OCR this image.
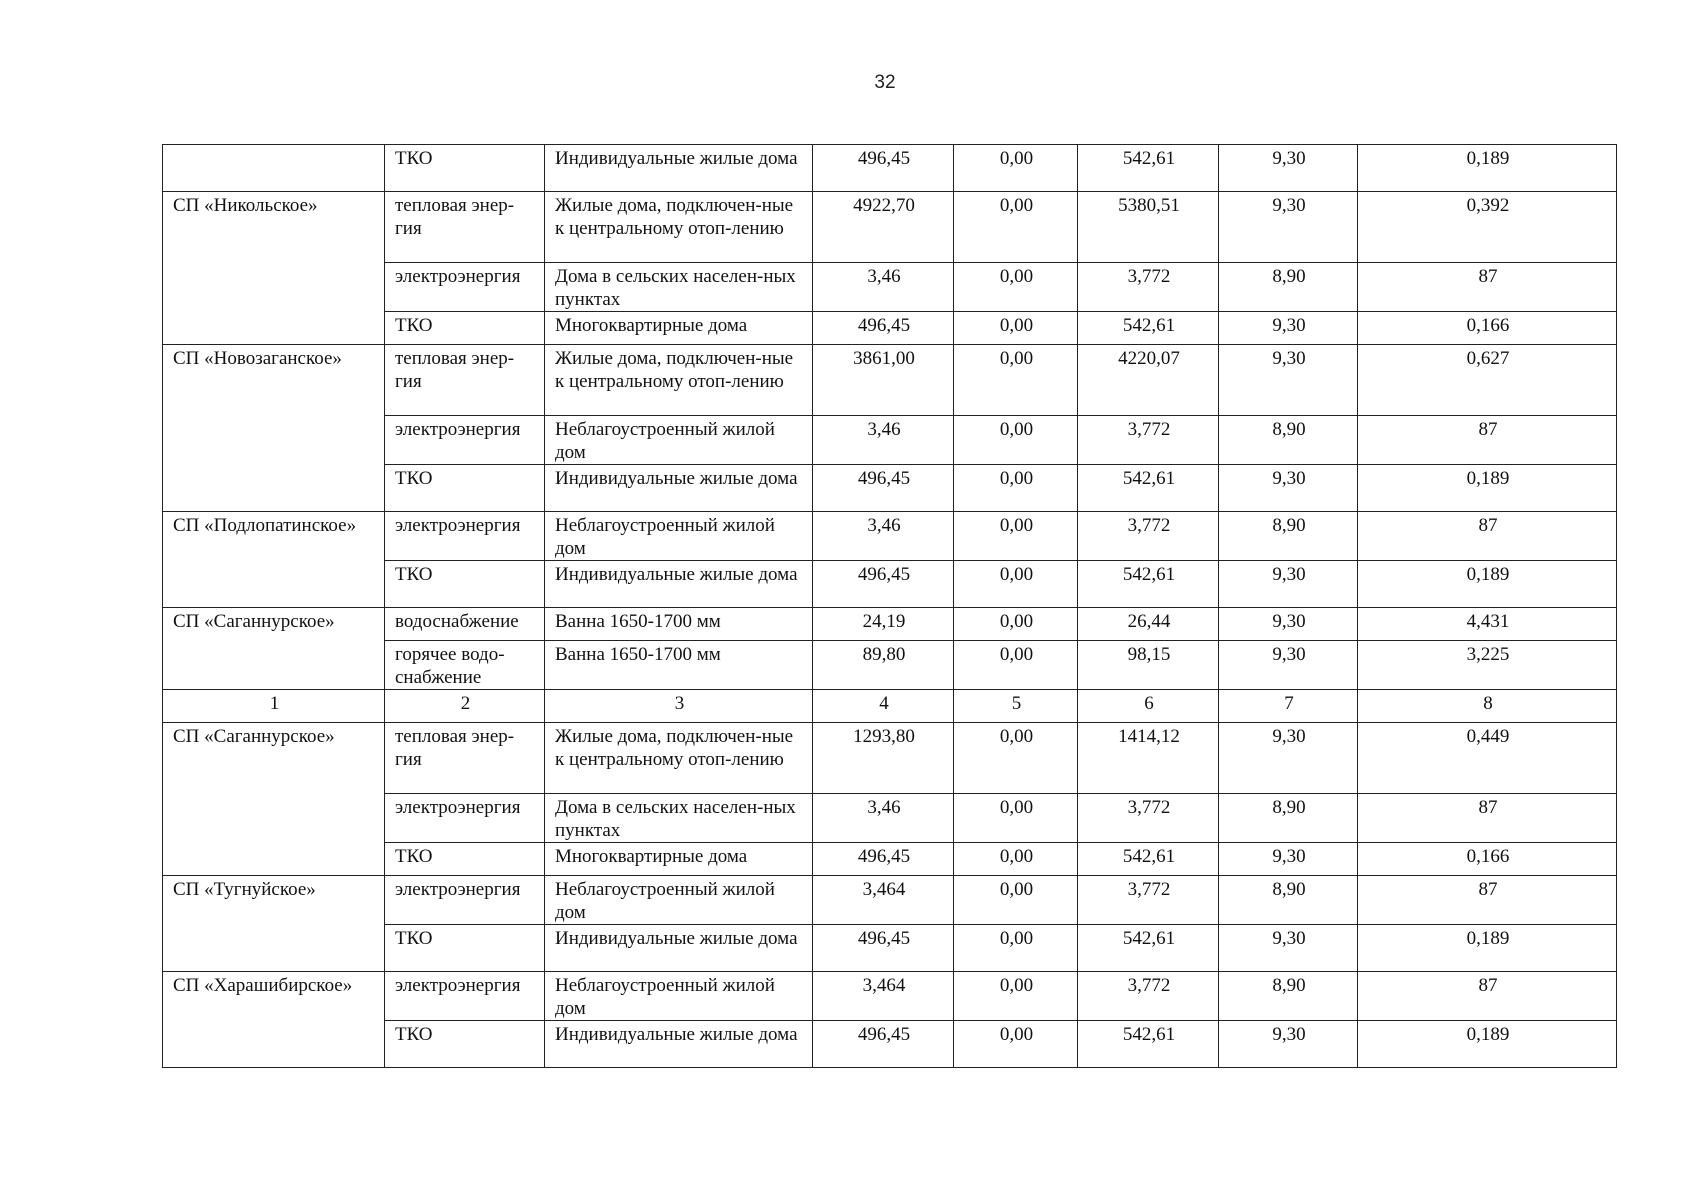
32
	ТКО	Индивидуальные жилые дома	496,45	0,00	542,61	9,30	0,189
СП «Никольское»	тепловая энер-гия	Жилые дома, подключен-ные к центральному отоп-лению	4922,70	0,00	5380,51	9,30	0,392
	электроэнергия	Дома в сельских населен-ных пунктах	3,46	0,00	3,772	8,90	87
	ТКО	Многоквартирные дома	496,45	0,00	542,61	9,30	0,166
СП «Новозаганское»	тепловая энер-гия	Жилые дома, подключен-ные к центральному отоп-лению	3861,00	0,00	4220,07	9,30	0,627
	электроэнергия	Неблагоустроенный жилой дом	3,46	0,00	3,772	8,90	87
	ТКО	Индивидуальные жилые дома	496,45	0,00	542,61	9,30	0,189
СП «Подлопатинское»	электроэнергия	Неблагоустроенный жилой дом	3,46	0,00	3,772	8,90	87
	ТКО	Индивидуальные жилые дома	496,45	0,00	542,61	9,30	0,189
СП «Саганнурское»	водоснабжение	Ванна 1650-1700 мм	24,19	0,00	26,44	9,30	4,431
	горячее водо-снабжение	Ванна 1650-1700 мм	89,80	0,00	98,15	9,30	3,225
1	2	3	4	5	6	7	8
СП «Саганнурское»	тепловая энер-гия	Жилые дома, подключен-ные к центральному отоп-лению	1293,80	0,00	1414,12	9,30	0,449
	электроэнергия	Дома в сельских населен-ных пунктах	3,46	0,00	3,772	8,90	87
	ТКО	Многоквартирные дома	496,45	0,00	542,61	9,30	0,166
СП «Тугнуйское»	электроэнергия	Неблагоустроенный жилой дом	3,464	0,00	3,772	8,90	87
	ТКО	Индивидуальные жилые дома	496,45	0,00	542,61	9,30	0,189
СП «Харашибирское»	электроэнергия	Неблагоустроенный жилой дом	3,464	0,00	3,772	8,90	87
	ТКО	Индивидуальные жилые дома	496,45	0,00	542,61	9,30	0,189
